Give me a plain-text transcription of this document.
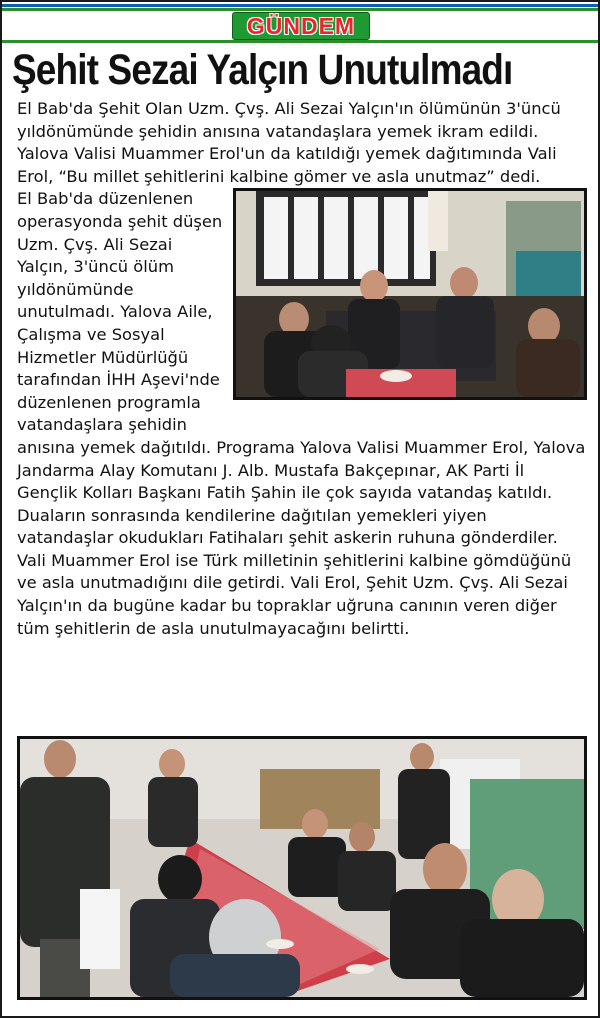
GÜNDEM
Şehit Sezai Yalçın Unutulmadı

El Bab'da Şehit Olan Uzm. Çvş. Ali Sezai Yalçın'ın ölümünün 3'üncü yıldönümünde şehidin anısına vatandaşlara yemek ikram edildi. Yalova Valisi Muammer Erol'un da katıldığı yemek dağıtımında Vali Erol, “Bu millet şehitlerini kalbine gömer ve asla unutmaz” dedi.

El Bab'da düzenlenen operasyonda şehit düşen Uzm. Çvş. Ali Sezai Yalçın, 3'üncü ölüm yıldönümünde unutulmadı. Yalova Aile, Çalışma ve Sosyal Hizmetler Müdürlüğü tarafından İHH Aşevi'nde düzenlenen programla vatandaşlara şehidin anısına yemek dağıtıldı. Programa Yalova Valisi Muammer Erol, Yalova Jandarma Alay Komutanı J. Alb. Mustafa Bakçepınar, AK Parti İl Gençlik Kolları Başkanı Fatih Şahin ile çok sayıda vatandaş katıldı. Duaların sonrasında kendilerine dağıtılan yemekleri yiyen vatandaşlar okudukları Fatihaları şehit askerin ruhuna gönderdiler. Vali Muammer Erol ise Türk milletinin şehitlerini kalbine gömdüğünü ve asla unutmadığını dile getirdi. Vali Erol, Şehit Uzm. Çvş. Ali Sezai Yalçın'ın da bugüne kadar bu topraklar uğruna canının veren diğer tüm şehitlerin de asla unutulmayacağını belirtti.
